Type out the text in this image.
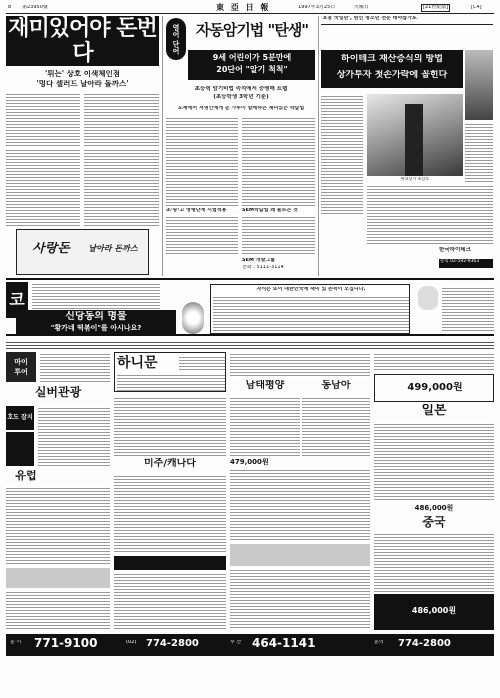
8 第23950號	東 亞 日 報	1997年3月25日	火曜日	[21世紀版]	[C4]
재미있어야 돈번다
'튀는' 상호 이색체인점
'멍다 셀러드 날아라 돌까스'
사랑돈	날아라 돈까스
영어 단어	자동암기법 "탄생"
9세 어린이가 5분만에
20단어 "알기 척척"
초등력 암기비법 즉석에서 증명해 트랩
(초등학생 3학년 기준)
도세에서 저명인에게 곧 가루이 함께하는 재미있는 학습법
초·중·고 영행단계 시험적용	SEM학습법 왜 불르는 것
SEM 개발그룹
전화 : 5111-3114
'호웅 국일판', 변신 청소년 전문 테마잡가로
하이테크 재산증식의 방법
상가투자 첫손가락에 꼽힌다
판교상가 조감도
한국하이테크
문의 02-592-9363
코
신당동의 명물
"황가네 떡볶이"를 아시나요?
자식는 또이 대한민국에 재미 있 쫀득이 모십니다.
마이
투어
실버관광
호도 잡지
유럽
하니문
미주/캐나다
남태평양	동남아
479,000원
499,000원
일본
486,000원
중국
486,000원
분 시 771-9100	(02) 774-2800	부 산 464-1141	문의 774-2800
